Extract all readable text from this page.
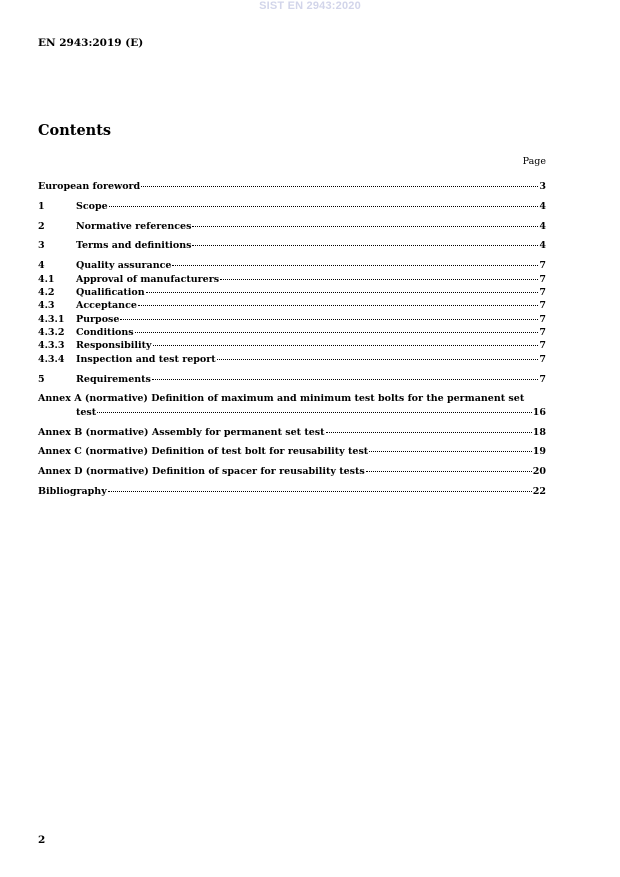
SIST EN 2943:2020
EN 2943:2019 (E)
Contents
Page
European foreword	3
1	Scope	4
2	Normative references	4
3	Terms and definitions	4
4	Quality assurance	7
4.1	Approval of manufacturers	7
4.2	Qualification	7
4.3	Acceptance	7
4.3.1	Purpose	7
4.3.2	Conditions	7
4.3.3	Responsibility	7
4.3.4	Inspection and test report	7
5	Requirements	7
Annex A (normative) Definition of maximum and minimum test bolts for the permanent set
test	16
Annex B (normative) Assembly for permanent set test	18
Annex C (normative) Definition of test bolt for reusability test	19
Annex D (normative) Definition of spacer for reusability tests	20
Bibliography	22
2
